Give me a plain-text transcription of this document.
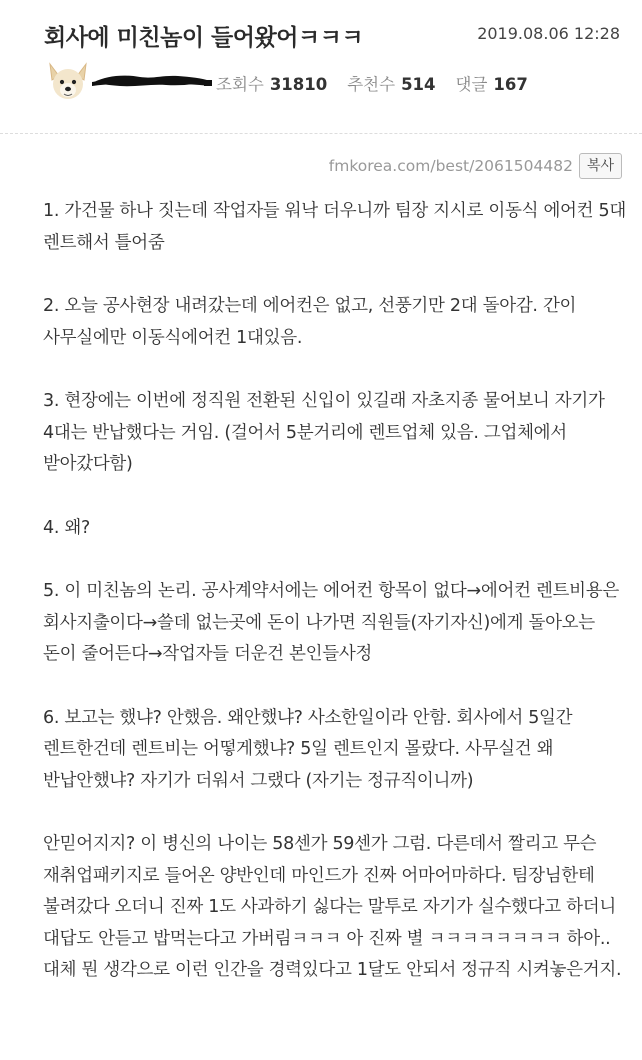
회사에 미친놈이 들어왔어ㅋㅋㅋ	2019.08.06 12:28
조회수 31810 추천수 514 댓글 167
fmkorea.com/best/2061504482	복사

1. 가건물 하나 짓는데 작업자들 워낙 더우니까 팀장 지시로 이동식 에어컨 5대 렌트해서 틀어줌

2. 오늘 공사현장 내려갔는데 에어컨은 없고, 선풍기만 2대 돌아감. 간이 사무실에만 이동식에어컨 1대있음.

3. 현장에는 이번에 정직원 전환된 신입이 있길래 자초지종 물어보니 자기가 4대는 반납했다는 거임. (걸어서 5분거리에 렌트업체 있음. 그업체에서 받아갔다함)

4. 왜?

5. 이 미친놈의 논리. 공사계약서에는 에어컨 항목이 없다→에어컨 렌트비용은 회사지출이다→쓸데 없는곳에 돈이 나가면 직원들(자기자신)에게 돌아오는 돈이 줄어든다→작업자들 더운건 본인들사정

6. 보고는 했냐? 안했음. 왜안했냐? 사소한일이라 안함. 회사에서 5일간 렌트한건데 렌트비는 어떻게했냐? 5일 렌트인지 몰랐다. 사무실건 왜 반납안했냐? 자기가 더워서 그랬다 (자기는 정규직이니까)

안믿어지지? 이 병신의 나이는 58센가 59센가 그럼. 다른데서 짤리고 무슨 재취업패키지로 들어온 양반인데 마인드가 진짜 어마어마하다. 팀장님한테 불려갔다 오더니 진짜 1도 사과하기 싫다는 말투로 자기가 실수했다고 하더니 대답도 안듣고 밥먹는다고 가버림ㅋㅋㅋ 아 진짜 별 ㅋㅋㅋㅋㅋㅋㅋㅋ 하아.. 대체 뭔 생각으로 이런 인간을 경력있다고 1달도 안되서 정규직 시켜놓은거지.
